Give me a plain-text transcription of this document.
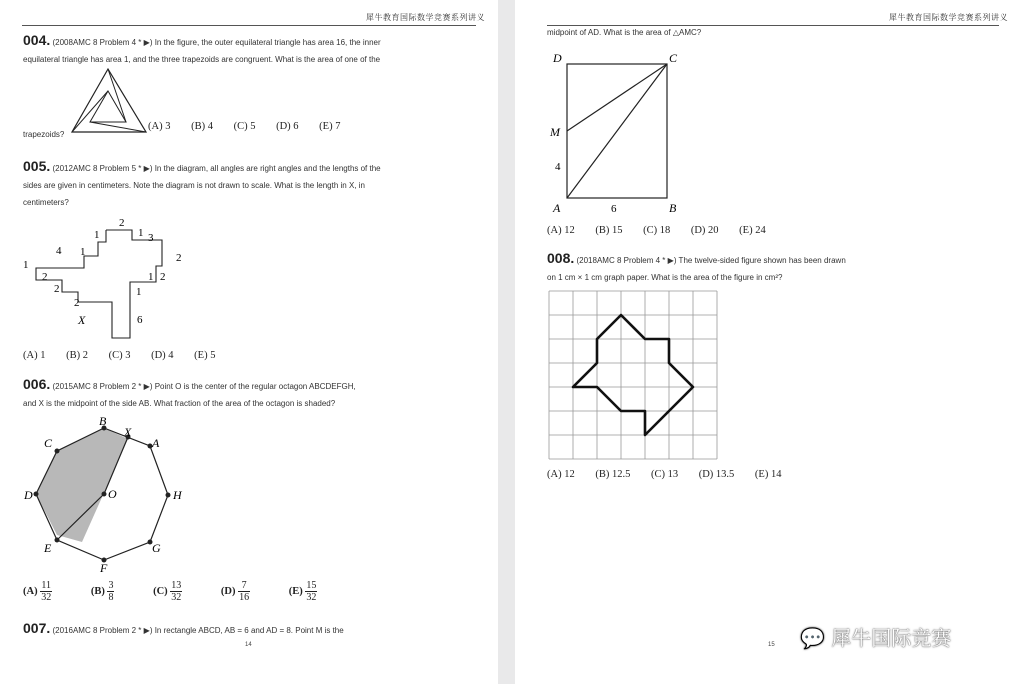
犀牛教育国际数学竞赛系列讲义
004. (2008AMC 8 Problem 4 * ▶) In the figure, the outer equilateral triangle has area 16, the inner
equilateral triangle has area 1, and the three trapezoids are congruent. What is the area of one of the
trapezoids?
(A) 3 (B) 4 (C) 5 (D) 6 (E) 7
005. (2012AMC 8 Problem 5 * ▶) In the diagram, all angles are right angles and the lengths of the
sides are given in centimeters. Note the diagram is not drawn to scale. What is the length in X, in
centimeters?
2
1
1	3
4 1	2
1
1 2
2
1
2
2
X	6
(A) 1 (B) 2 (C) 3 (D) 4 (E) 5
006. (2015AMC 8 Problem 2 * ▶) Point O is the center of the regular octagon ABCDEFGH,
and X is the midpoint of the side AB. What fraction of the area of the octagon is shaded?
B
X
A
C
D	O	H
E	G
F
$(A) \frac{11}{32} (B) \frac{3}{8} (C) \frac{13}{32} (D) \frac{7}{16} (E) \frac{15}{32}$
007. (2016AMC 8 Problem 2 * ▶) In rectangle ABCD, AB = 6 and AD = 8. Point M is the
14
犀牛教育国际数学竞赛系列讲义
midpoint of AD. What is the area of △AMC?
D	C
M
4
A	6	B
(A) 12 (B) 15 (C) 18 (D) 20 (E) 24
008. (2018AMC 8 Problem 4 * ▶) The twelve-sided figure shown has been drawn
on 1 cm × 1 cm graph paper. What is the area of the figure in cm²?
(A) 12 (B) 12.5 (C) 13 (D) 13.5 (E) 14
15 💬 犀牛国际竞赛
